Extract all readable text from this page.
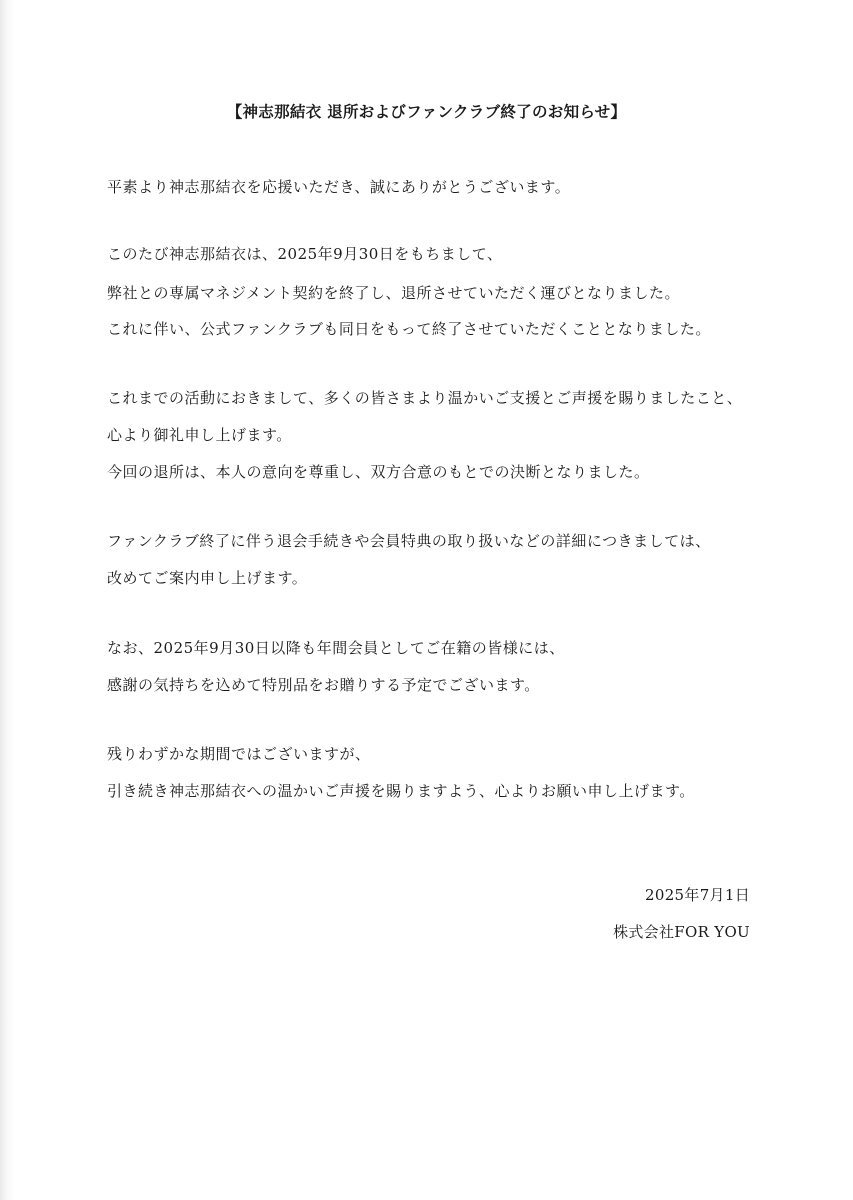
【神志那結衣 退所およびファンクラブ終了のお知らせ】
平素より神志那結衣を応援いただき、誠にありがとうございます。
このたび神志那結衣は、2025年9月30日をもちまして、
弊社との専属マネジメント契約を終了し、退所させていただく運びとなりました。
これに伴い、公式ファンクラブも同日をもって終了させていただくこととなりました。
これまでの活動におきまして、多くの皆さまより温かいご支援とご声援を賜りましたこと、
心より御礼申し上げます。
今回の退所は、本人の意向を尊重し、双方合意のもとでの決断となりました。
ファンクラブ終了に伴う退会手続きや会員特典の取り扱いなどの詳細につきましては、
改めてご案内申し上げます。
なお、2025年9月30日以降も年間会員としてご在籍の皆様には、
感謝の気持ちを込めて特別品をお贈りする予定でございます。
残りわずかな期間ではございますが、
引き続き神志那結衣への温かいご声援を賜りますよう、心よりお願い申し上げます。
2025年7月1日
株式会社FOR YOU
